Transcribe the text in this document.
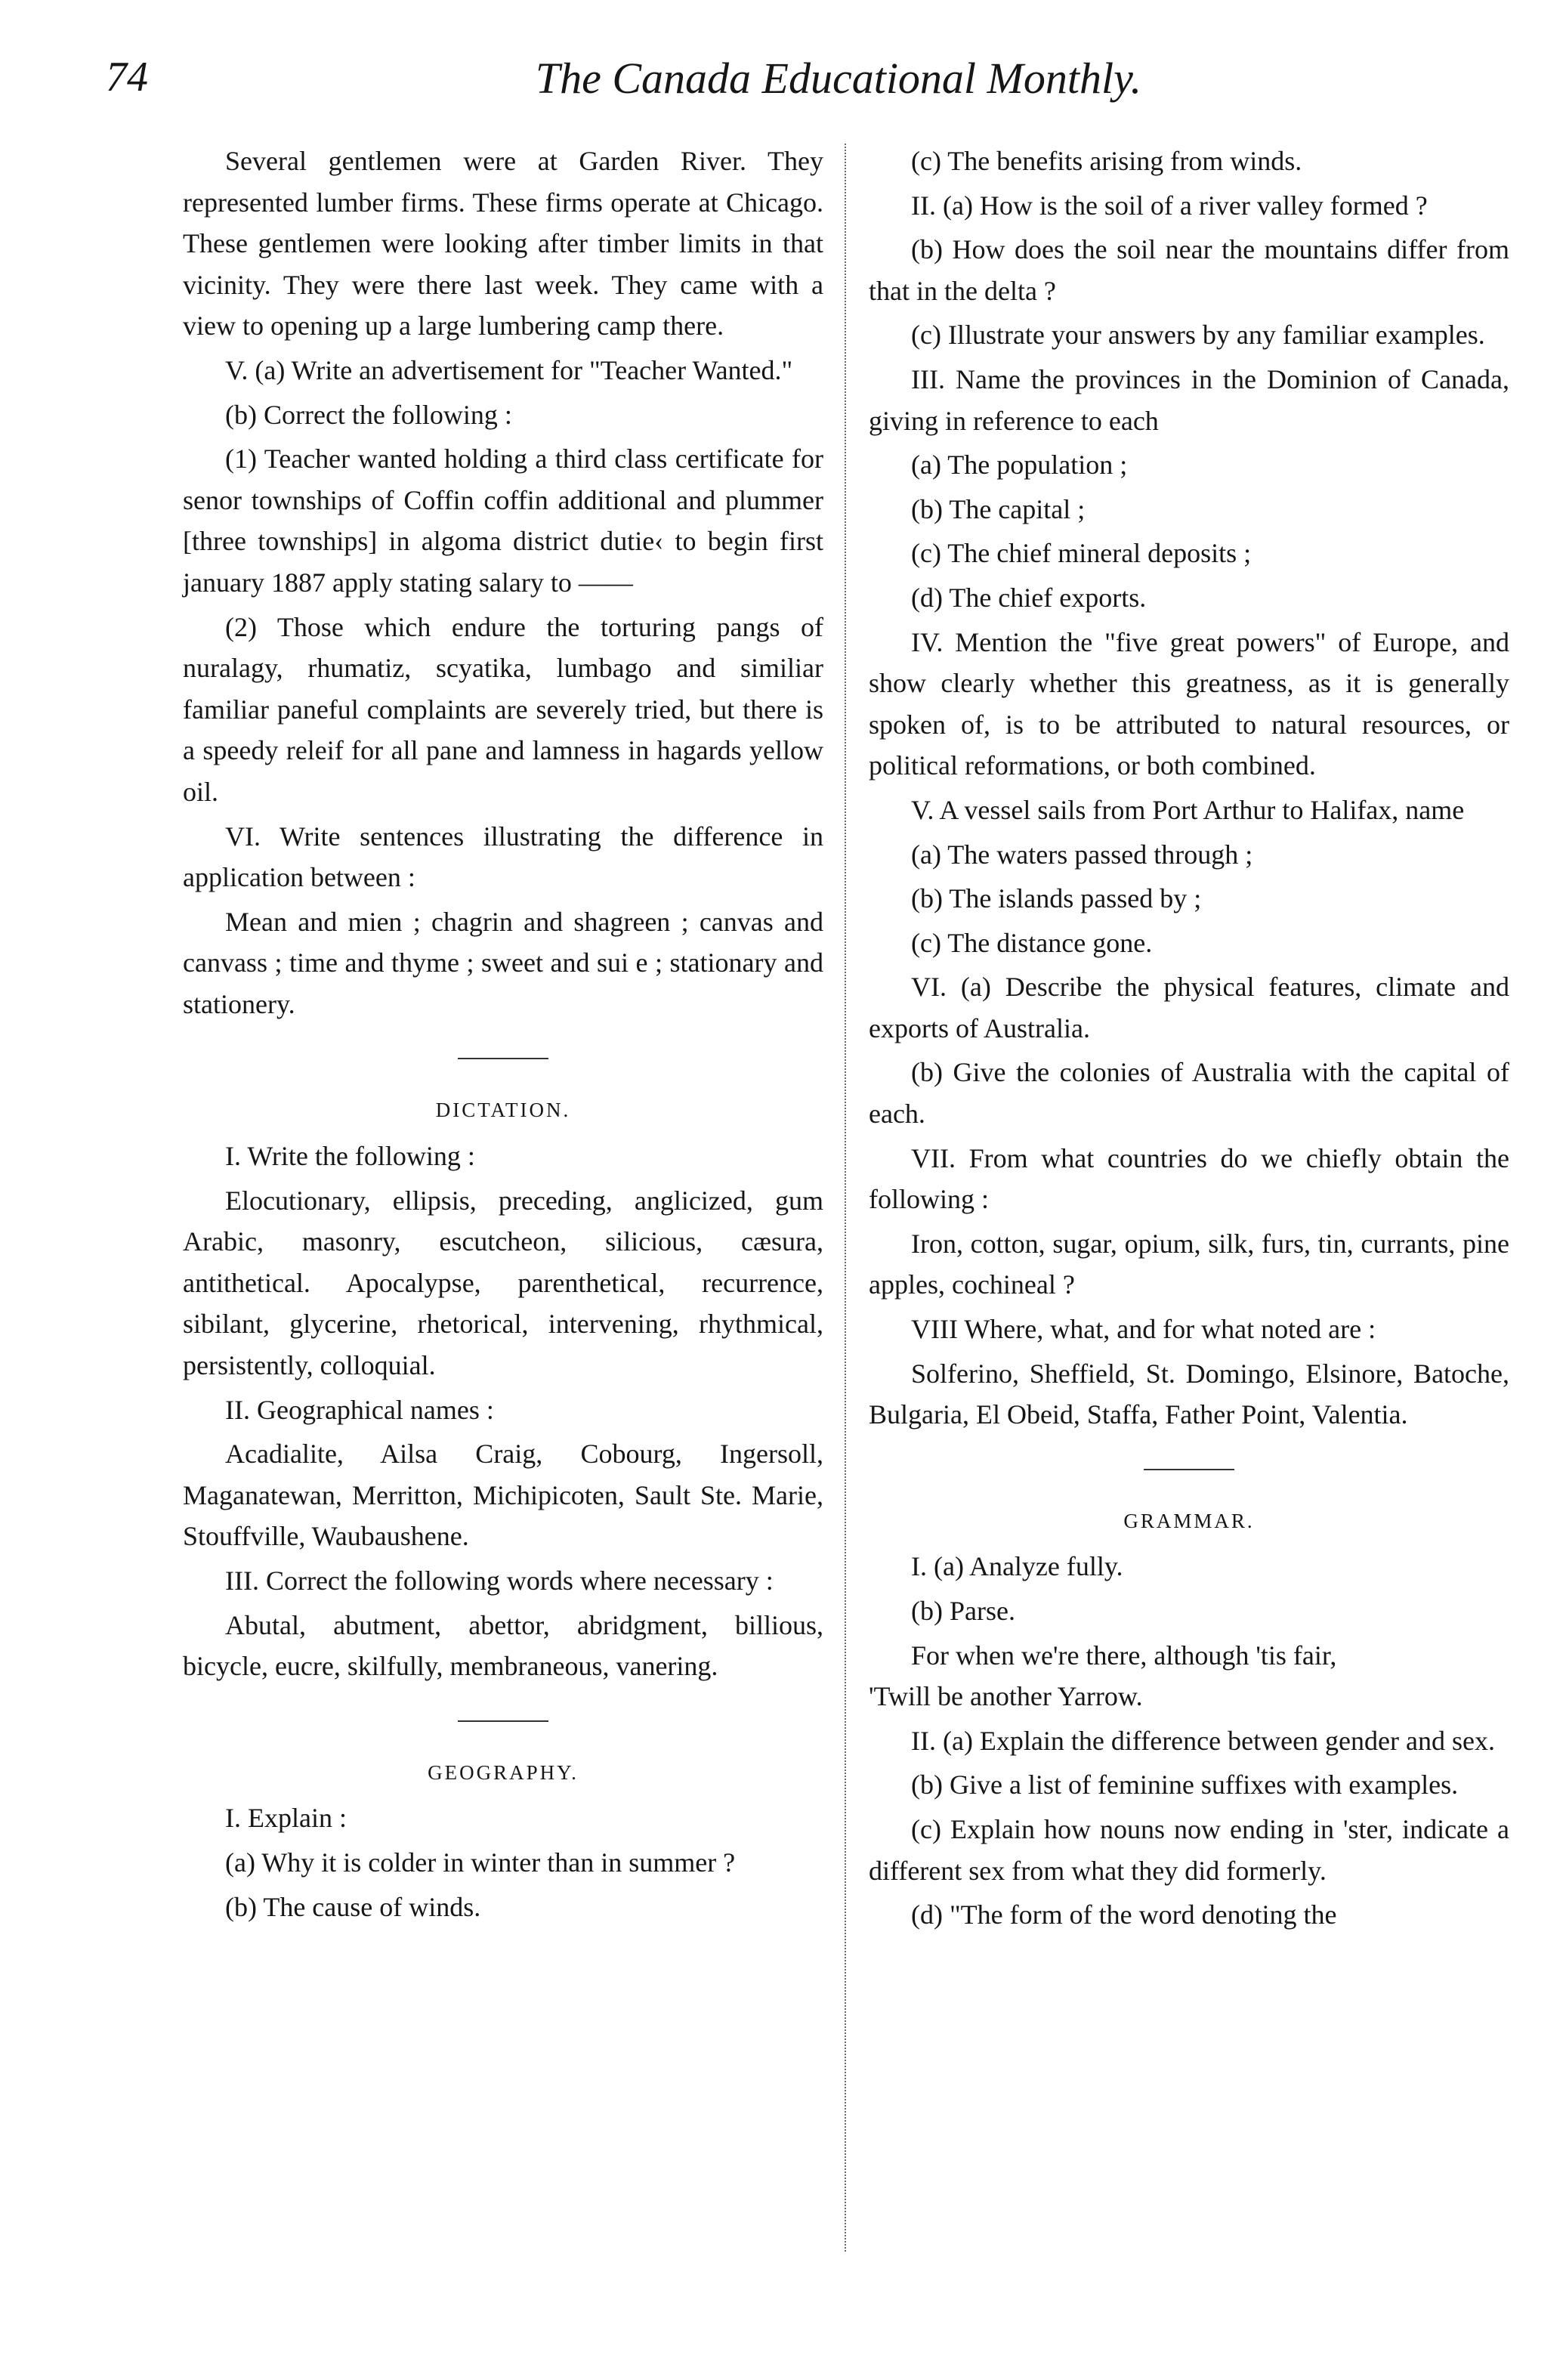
74	The Canada Educational Monthly.

Several gentlemen were at Garden River. They represented lumber firms. These firms operate at Chicago. These gentlemen were looking after timber limits in that vicinity. They were there last week. They came with a view to opening up a large lumbering camp there.

V. (a) Write an advertisement for "Teacher Wanted."

(b) Correct the following :

(1) Teacher wanted holding a third class certificate for senor townships of Coffin coffin additional and plummer [three townships] in algoma district dutie‹ to begin first january 1887 apply stating salary to ——

(2) Those which endure the torturing pangs of nuralagy, rhumatiz, scyatika, lumbago and similiar familiar paneful complaints are severely tried, but there is a speedy releif for all pane and lamness in hagards yellow oil.

VI. Write sentences illustrating the difference in application between :

Mean and mien ; chagrin and shagreen ; canvas and canvass ; time and thyme ; sweet and sui e ; stationary and stationery.

DICTATION.

I. Write the following :

Elocutionary, ellipsis, preceding, anglicized, gum Arabic, masonry, escutcheon, silicious, cæsura, antithetical. Apocalypse, parenthetical, recurrence, sibilant, glycerine, rhetorical, intervening, rhythmical, persistently, colloquial.

II. Geographical names :

Acadialite, Ailsa Craig, Cobourg, Ingersoll, Maganatewan, Merritton, Michipicoten, Sault Ste. Marie, Stouffville, Waubaushene.

III. Correct the following words where necessary :

Abutal, abutment, abettor, abridgment, billious, bicycle, eucre, skilfully, membraneous, vanering.

GEOGRAPHY.

I. Explain :

(a) Why it is colder in winter than in summer ?

(b) The cause of winds.

(c) The benefits arising from winds.

II. (a) How is the soil of a river valley formed ?

(b) How does the soil near the mountains differ from that in the delta ?

(c) Illustrate your answers by any familiar examples.

III. Name the provinces in the Dominion of Canada, giving in reference to each

(a) The population ;

(b) The capital ;

(c) The chief mineral deposits ;

(d) The chief exports.

IV. Mention the "five great powers" of Europe, and show clearly whether this greatness, as it is generally spoken of, is to be attributed to natural resources, or political reformations, or both combined.

V. A vessel sails from Port Arthur to Halifax, name

(a) The waters passed through ;

(b) The islands passed by ;

(c) The distance gone.

VI. (a) Describe the physical features, climate and exports of Australia.

(b) Give the colonies of Australia with the capital of each.

VII. From what countries do we chiefly obtain the following :

Iron, cotton, sugar, opium, silk, furs, tin, currants, pine apples, cochineal ?

VIII Where, what, and for what noted are :

Solferino, Sheffield, St. Domingo, Elsinore, Batoche, Bulgaria, El Obeid, Staffa, Father Point, Valentia.

GRAMMAR.

I. (a) Analyze fully.

(b) Parse.

For when we're there, although 'tis fair,
'Twill be another Yarrow.

II. (a) Explain the difference between gender and sex.

(b) Give a list of feminine suffixes with examples.

(c) Explain how nouns now ending in 'ster, indicate a different sex from what they did formerly.

(d) "The form of the word denoting the
